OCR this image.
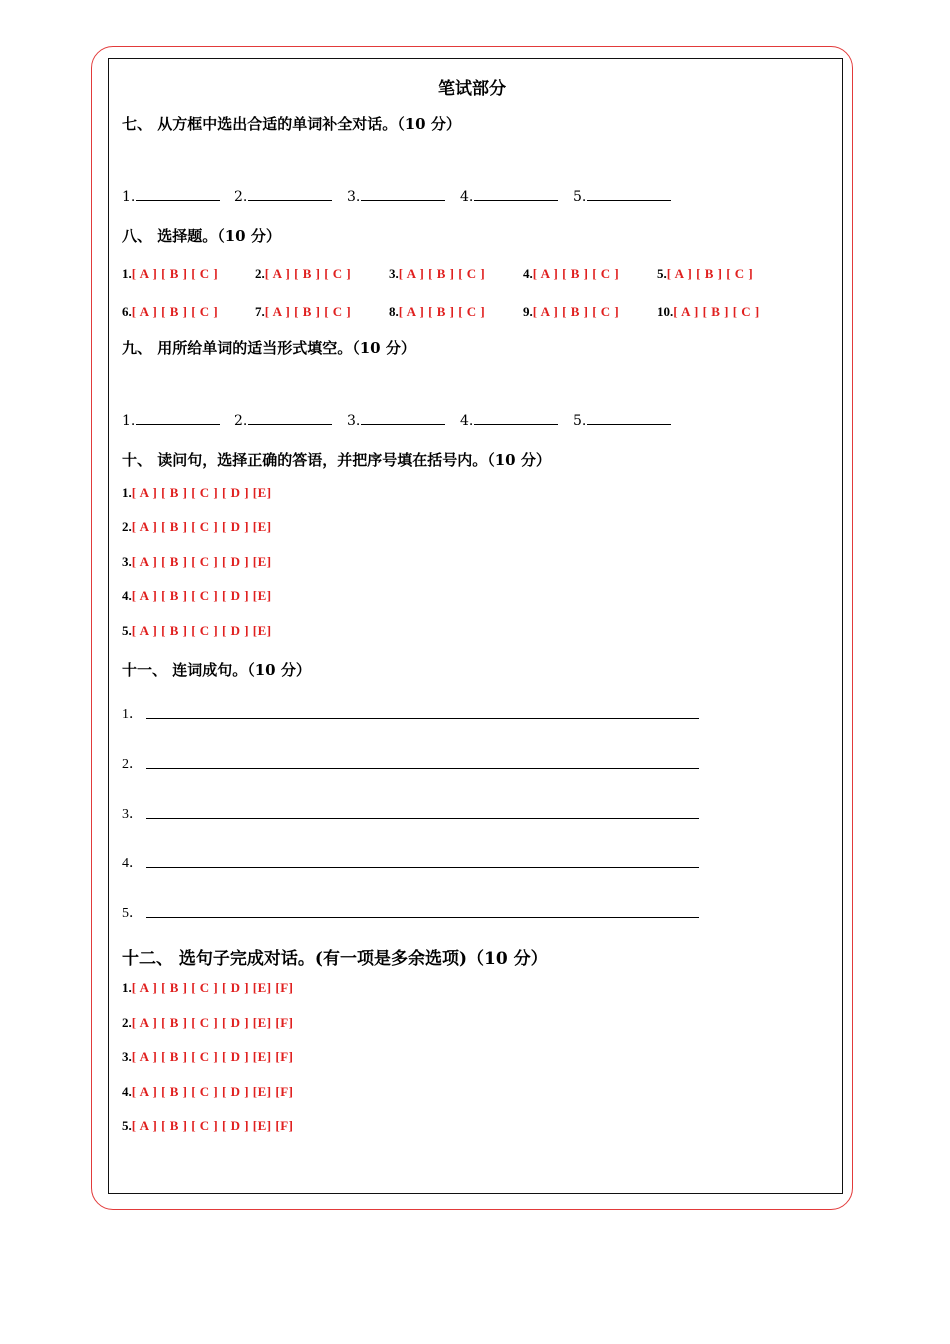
笔试部分
七、 从方框中选出合适的单词补全对话。（10 分）
1.	2.	3.	4.	5.
八、 选择题。（10 分）
1.[ A ] [ B ] [ C ]	2.[ A ] [ B ] [ C ]	3.[ A ] [ B ] [ C ]	4.[ A ] [ B ] [ C ]	5.[ A ] [ B ] [ C ]
6.[ A ] [ B ] [ C ]	7.[ A ] [ B ] [ C ]	8.[ A ] [ B ] [ C ]	9.[ A ] [ B ] [ C ]	10.[ A ] [ B ] [ C ]
九、 用所给单词的适当形式填空。（10 分）
1.	2.	3.	4.	5.
十、 读问句，选择正确的答语，并把序号填在括号内。（10 分）
1.[ A ] [ B ] [ C ] [ D ] [E]
2.[ A ] [ B ] [ C ] [ D ] [E]
3.[ A ] [ B ] [ C ] [ D ] [E]
4.[ A ] [ B ] [ C ] [ D ] [E]
5.[ A ] [ B ] [ C ] [ D ] [E]
十一、 连词成句。（10 分）
1．
2．
3．
4．
5．
十二、 选句子完成对话。(有一项是多余选项)（10 分）
1.[ A ] [ B ] [ C ] [ D ] [E] [F]
2.[ A ] [ B ] [ C ] [ D ] [E] [F]
3.[ A ] [ B ] [ C ] [ D ] [E] [F]
4.[ A ] [ B ] [ C ] [ D ] [E] [F]
5.[ A ] [ B ] [ C ] [ D ] [E] [F]
